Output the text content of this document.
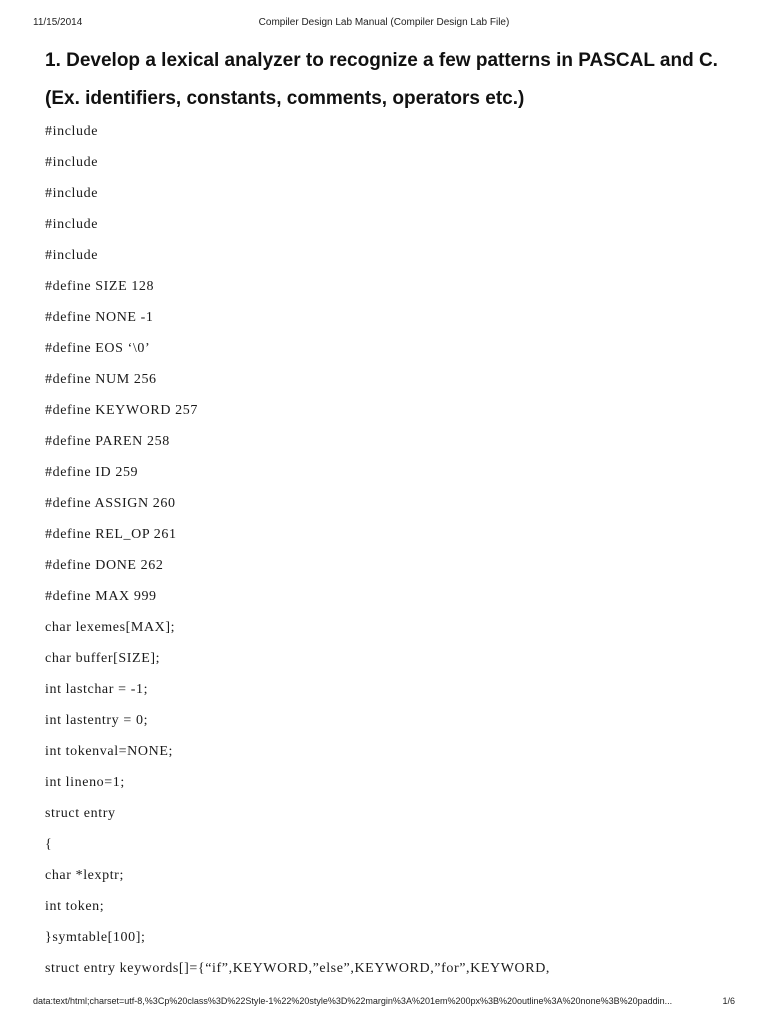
11/15/2014	Compiler Design Lab Manual (Compiler Design Lab File)
1. Develop a lexical analyzer to recognize a few patterns in PASCAL and C.
(Ex. identifiers, constants, comments, operators etc.)
#include
#include
#include
#include
#include
#define SIZE 128
#define NONE -1
#define EOS ‘\0’
#define NUM 256
#define KEYWORD 257
#define PAREN 258
#define ID 259
#define ASSIGN 260
#define REL_OP 261
#define DONE 262
#define MAX 999
char lexemes[MAX];
char buffer[SIZE];
int lastchar = -1;
int lastentry = 0;
int tokenval=NONE;
int lineno=1;
struct entry
{
char *lexptr;
int token;
}symtable[100];
struct entry keywords[]={“if”,KEYWORD,”else”,KEYWORD,”for”,KEYWORD,
data:text/html;charset=utf-8,%3Cp%20class%3D%22Style-1%22%20style%3D%22margin%3A%201em%200px%3B%20outline%3A%20none%3B%20paddin...	1/6
